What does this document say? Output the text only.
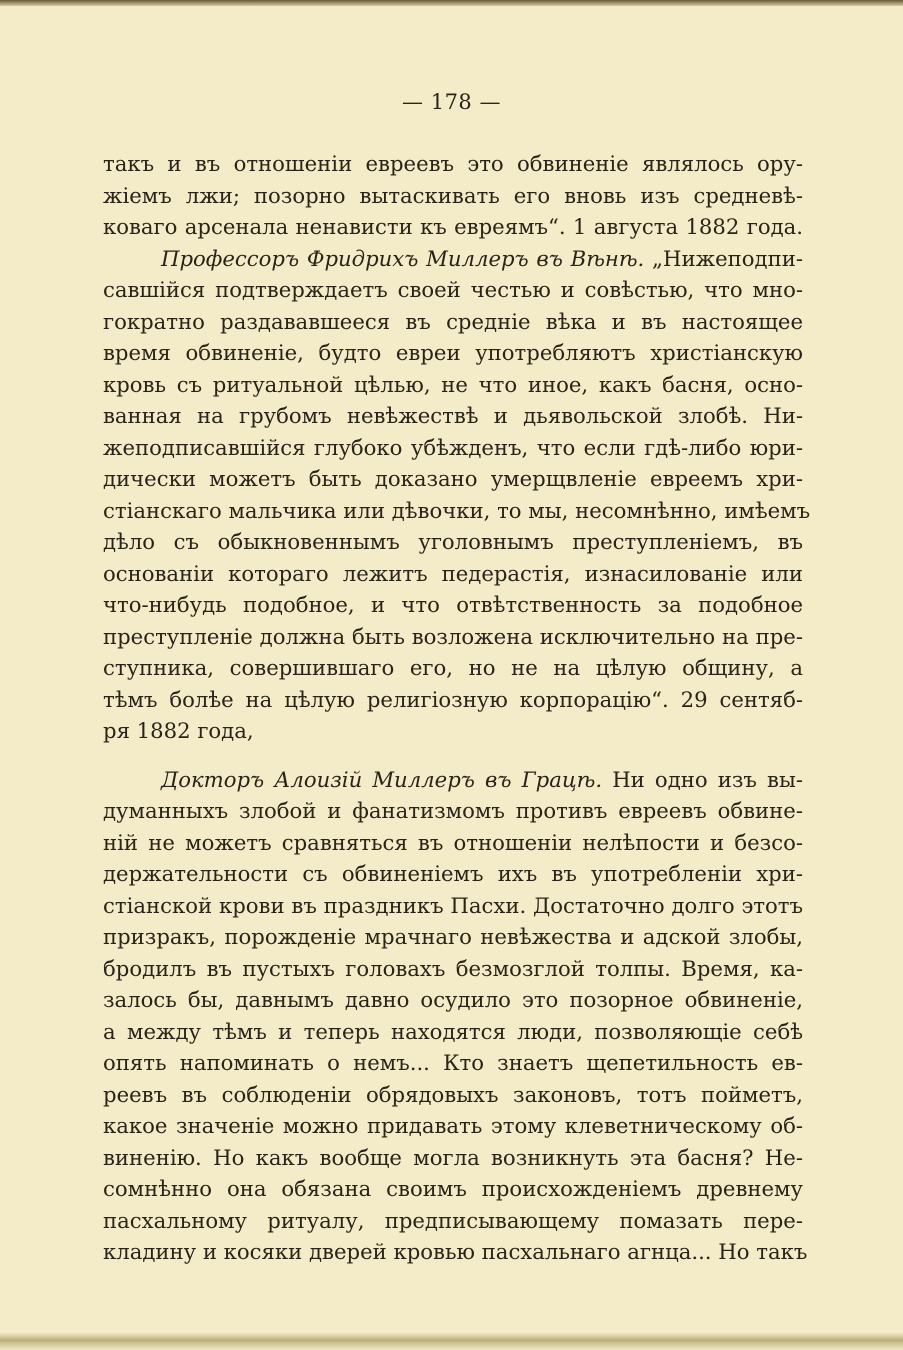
— 178 —
такъ и въ отношенiи евреевъ это обвиненiе являлось ору-
жiемъ лжи; позорно вытаскивать его вновь изъ средневѣ-
коваго арсенала ненависти къ евреямъ“. 1 августа 1882 года.
Профессоръ Фридрихъ Миллеръ въ Вѣнѣ. „Нижеподпи-
савшiйся подтверждаетъ своей честью и совѣстью, что мно-
гократно раздававшееся въ среднiе вѣка и въ настоящее
время обвиненiе, будто евреи употребляютъ христiанскую
кровь съ ритуальной цѣлью, не что иное, какъ басня, осно-
ванная на грубомъ невѣжествѣ и дьявольской злобѣ. Ни-
жеподписавшiйся глубоко убѣжденъ, что если гдѣ-либо юри-
дически можетъ быть доказано умерщвленiе евреемъ хри-
стiанскаго мальчика или дѣвочки, то мы, несомнѣнно, имѣемъ
дѣло съ обыкновеннымъ уголовнымъ преступленiемъ, въ
основанiи котораго лежитъ педерастiя, изнасилованiе или
что-нибудь подобное, и что отвѣтственность за подобное
преступленiе должна быть возложена исключительно на пре-
ступника, совершившаго его, но не на цѣлую общину, а
тѣмъ болѣе на цѣлую религiозную корпорацiю“. 29 сентяб-
ря 1882 года,
Докторъ Алоизiй Миллеръ въ Грацѣ. Ни одно изъ вы-
думанныхъ злобой и фанатизмомъ противъ евреевъ обвине-
нiй не можетъ сравняться въ отношенiи нелѣпости и безсо-
держательности съ обвиненiемъ ихъ въ употребленiи хри-
стiанской крови въ праздникъ Пасхи. Достаточно долго этотъ
призракъ, порожденiе мрачнаго невѣжества и адской злобы,
бродилъ въ пустыхъ головахъ безмозглой толпы. Время, ка-
залось бы, давнымъ давно осудило это позорное обвиненiе,
а между тѣмъ и теперь находятся люди, позволяющiе себѣ
опять напоминать о немъ... Кто знаетъ щепетильность ев-
реевъ въ соблюденiи обрядовыхъ законовъ, тотъ пойметъ,
какое значенiе можно придавать этому клеветническому об-
виненiю. Но какъ вообще могла возникнуть эта басня? Не-
сомнѣнно она обязана своимъ происхожденiемъ древнему
пасхальному ритуалу, предписывающему помазать пере-
кладину и косяки дверей кровью пасхальнаго агнца... Но такъ
